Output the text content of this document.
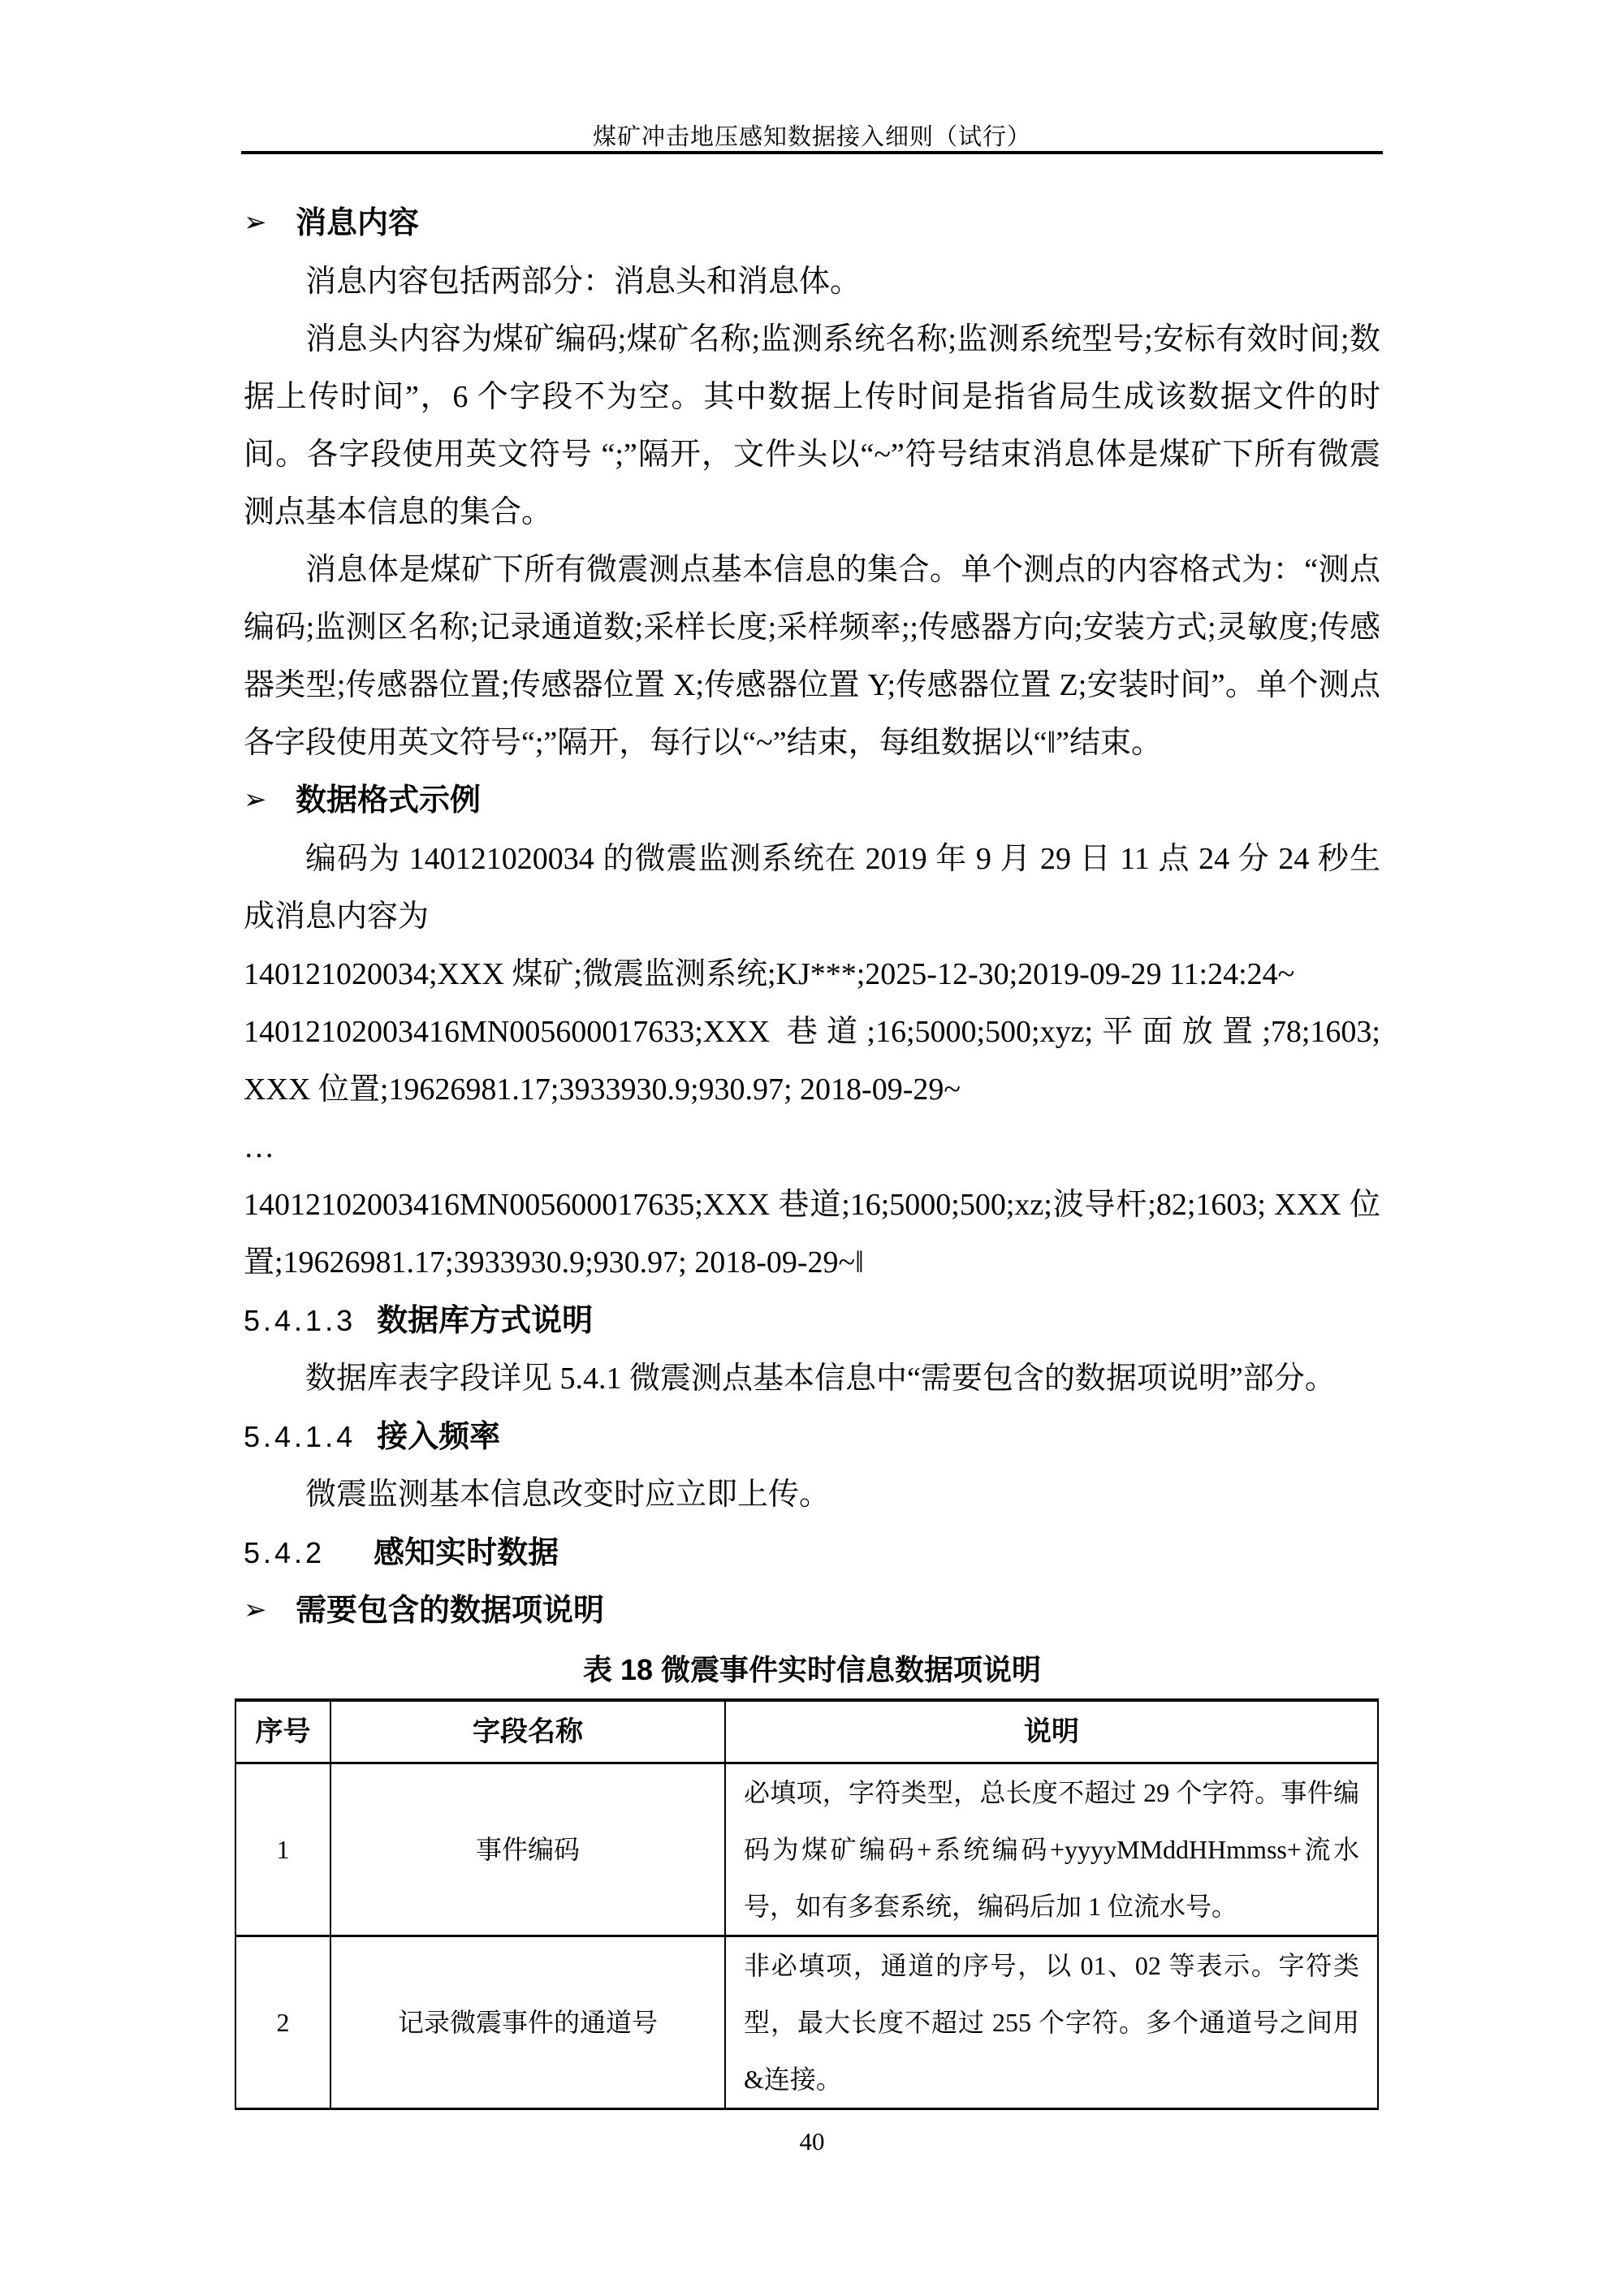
煤矿冲击地压感知数据接入细则（试行）
➢ 消息内容

消息内容包括两部分：消息头和消息体。

消息头内容为煤矿编码;煤矿名称;监测系统名称;监测系统型号;安标有效时间;数据上传时间”，6 个字段不为空。其中数据上传时间是指省局生成该数据文件的时间。各字段使用英文符号 “;”隔开，文件头以“~”符号结束消息体是煤矿下所有微震测点基本信息的集合。

消息体是煤矿下所有微震测点基本信息的集合。单个测点的内容格式为：“测点编码;监测区名称;记录通道数;采样长度;采样频率;;传感器方向;安装方式;灵敏度;传感器类型;传感器位置;传感器位置 X;传感器位置 Y;传感器位置 Z;安装时间”。单个测点各字段使用英文符号“;”隔开，每行以“~”结束，每组数据以“‖”结束。

➢ 数据格式示例

编码为 140121020034 的微震监测系统在 2019 年 9 月 29 日 11 点 24 分 24 秒生成消息内容为

140121020034;XXX 煤矿;微震监测系统;KJ***;2025-12-30;2019-09-29 11:24:24~

14012102003416MN005600017633;XXX 巷道;16;5000;500;xyz;平面放置;78;1603; XXX 位置;19626981.17;3933930.9;930.97; 2018-09-29~

…

14012102003416MN005600017635;XXX 巷道;16;5000;500;xz;波导杆;82;1603; XXX 位置;19626981.17;3933930.9;930.97; 2018-09-29~‖

5.4.1.3 数据库方式说明

数据库表字段详见 5.4.1 微震测点基本信息中“需要包含的数据项说明”部分。

5.4.1.4 接入频率

微震监测基本信息改变时应立即上传。

5.4.2 感知实时数据
➢ 需要包含的数据项说明

表 18 微震事件实时信息数据项说明

序号	字段名称	说明
1	事件编码	必填项，字符类型，总长度不超过 29 个字符。事件编码为煤矿编码+系统编码+yyyyMMddHHmmss+流水号，如有多套系统，编码后加 1 位流水号。
2	记录微震事件的通道号	非必填项，通道的序号，以 01、02 等表示。字符类型，最大长度不超过 255 个字符。多个通道号之间用&连接。
40
